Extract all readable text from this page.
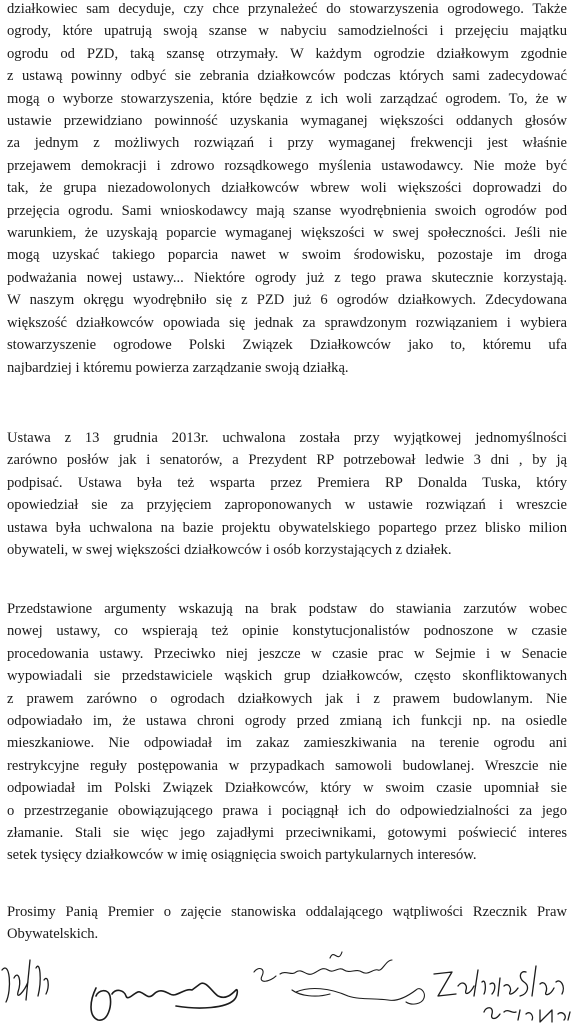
działkowiec sam decyduje, czy chce przynależeć do stowarzyszenia ogrodowego. Także
ogrody, które upatrują swoją szanse w nabyciu samodzielności i przejęciu majątku
ogrodu od PZD, taką szansę otrzymały. W każdym ogrodzie działkowym zgodnie
z ustawą powinny odbyć sie zebrania działkowców podczas których sami zadecydować
mogą o wyborze stowarzyszenia, które będzie z ich woli zarządzać ogrodem. To, że w
ustawie przewidziano powinność uzyskania wymaganej większości oddanych głosów
za jednym z możliwych rozwiązań i przy wymaganej frekwencji jest właśnie
przejawem demokracji i zdrowo rozsądkowego myślenia ustawodawcy. Nie może być
tak, że grupa niezadowolonych działkowców wbrew woli większości doprowadzi do
przejęcia ogrodu. Sami wnioskodawcy mają szanse wyodrębnienia swoich ogrodów pod
warunkiem, że uzyskają poparcie wymaganej większości w swej społeczności. Jeśli nie
mogą uzyskać takiego poparcia nawet w swoim środowisku, pozostaje im droga
podważania nowej ustawy... Niektóre ogrody już z tego prawa skutecznie korzystają.
W naszym okręgu wyodrębniło się z PZD już 6 ogrodów działkowych. Zdecydowana
większość działkowców opowiada się jednak za sprawdzonym rozwiązaniem i wybiera
stowarzyszenie ogrodowe Polski Związek Działkowców jako to, któremu ufa
najbardziej i któremu powierza zarządzanie swoją działką.
Ustawa z 13 grudnia 2013r. uchwalona została przy wyjątkowej jednomyślności
zarówno posłów jak i senatorów, a Prezydent RP potrzebował ledwie 3 dni , by ją
podpisać. Ustawa była też wsparta przez Premiera RP Donalda Tuska, który
opowiedział sie za przyjęciem zaproponowanych w ustawie rozwiązań i wreszcie
ustawa była uchwalona na bazie projektu obywatelskiego popartego przez blisko milion
obywateli, w swej większości działkowców i osób korzystających z działek.
Przedstawione argumenty wskazują na brak podstaw do stawiania zarzutów wobec
nowej ustawy, co wspierają też opinie konstytucjonalistów podnoszone w czasie
procedowania ustawy. Przeciwko niej jeszcze w czasie prac w Sejmie i w Senacie
wypowiadali sie przedstawiciele wąskich grup działkowców, często skonfliktowanych
z prawem zarówno o ogrodach działkowych jak i z prawem budowlanym. Nie
odpowiadało im, że ustawa chroni ogrody przed zmianą ich funkcji np. na osiedle
mieszkaniowe. Nie odpowiadał im zakaz zamieszkiwania na terenie ogrodu ani
restrykcyjne reguły postępowania w przypadkach samowoli budowlanej. Wreszcie nie
odpowiadał im Polski Związek Działkowców, który w swoim czasie upomniał sie
o przestrzeganie obowiązującego prawa i pociągnął ich do odpowiedzialności za jego
złamanie. Stali sie więc jego zajadłymi przeciwnikami, gotowymi poświecić interes
setek tysięcy działkowców w imię osiągnięcia swoich partykularnych interesów.
Prosimy Panią Premier o zajęcie stanowiska oddalającego wątpliwości Rzecznik Praw
Obywatelskich.
